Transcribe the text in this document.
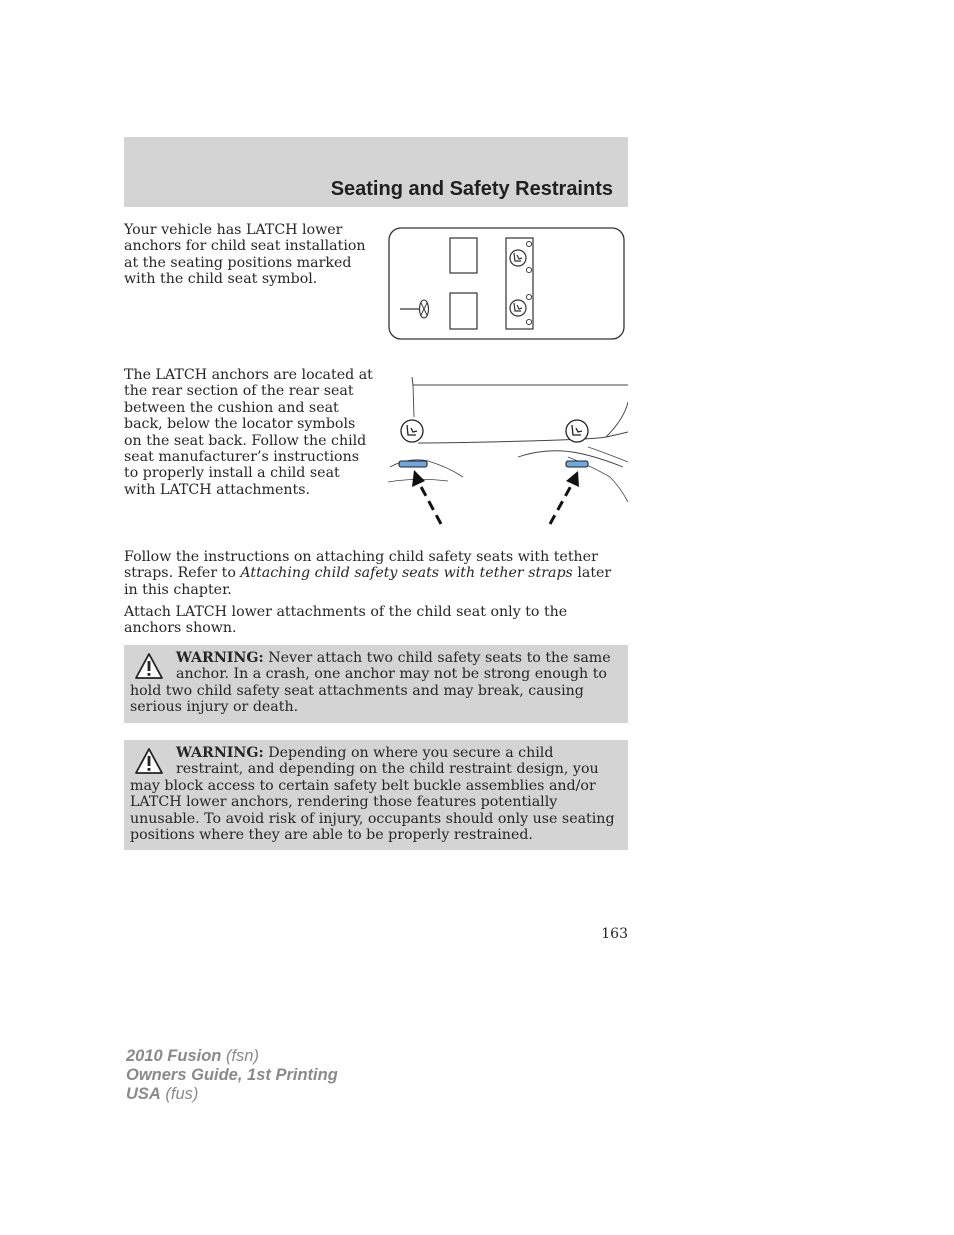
Seating and Safety Restraints

Your vehicle has LATCH lower anchors for child seat installation at the seating positions marked with the child seat symbol.

The LATCH anchors are located at the rear section of the rear seat between the cushion and seat back, below the locator symbols on the seat back. Follow the child seat manufacturer’s instructions to properly install a child seat with LATCH attachments.

Follow the instructions on attaching child safety seats with tether straps. Refer to Attaching child safety seats with tether straps later in this chapter.

Attach LATCH lower attachments of the child seat only to the anchors shown.

WARNING: Never attach two child safety seats to the same anchor. In a crash, one anchor may not be strong enough to hold two child safety seat attachments and may break, causing serious injury or death.
WARNING: Depending on where you secure a child restraint, and depending on the child restraint design, you may block access to certain safety belt buckle assemblies and/or LATCH lower anchors, rendering those features potentially unusable. To avoid risk of injury, occupants should only use seating positions where they are able to be properly restrained.

163

2010 Fusion (fsn)
Owners Guide, 1st Printing
USA (fus)
